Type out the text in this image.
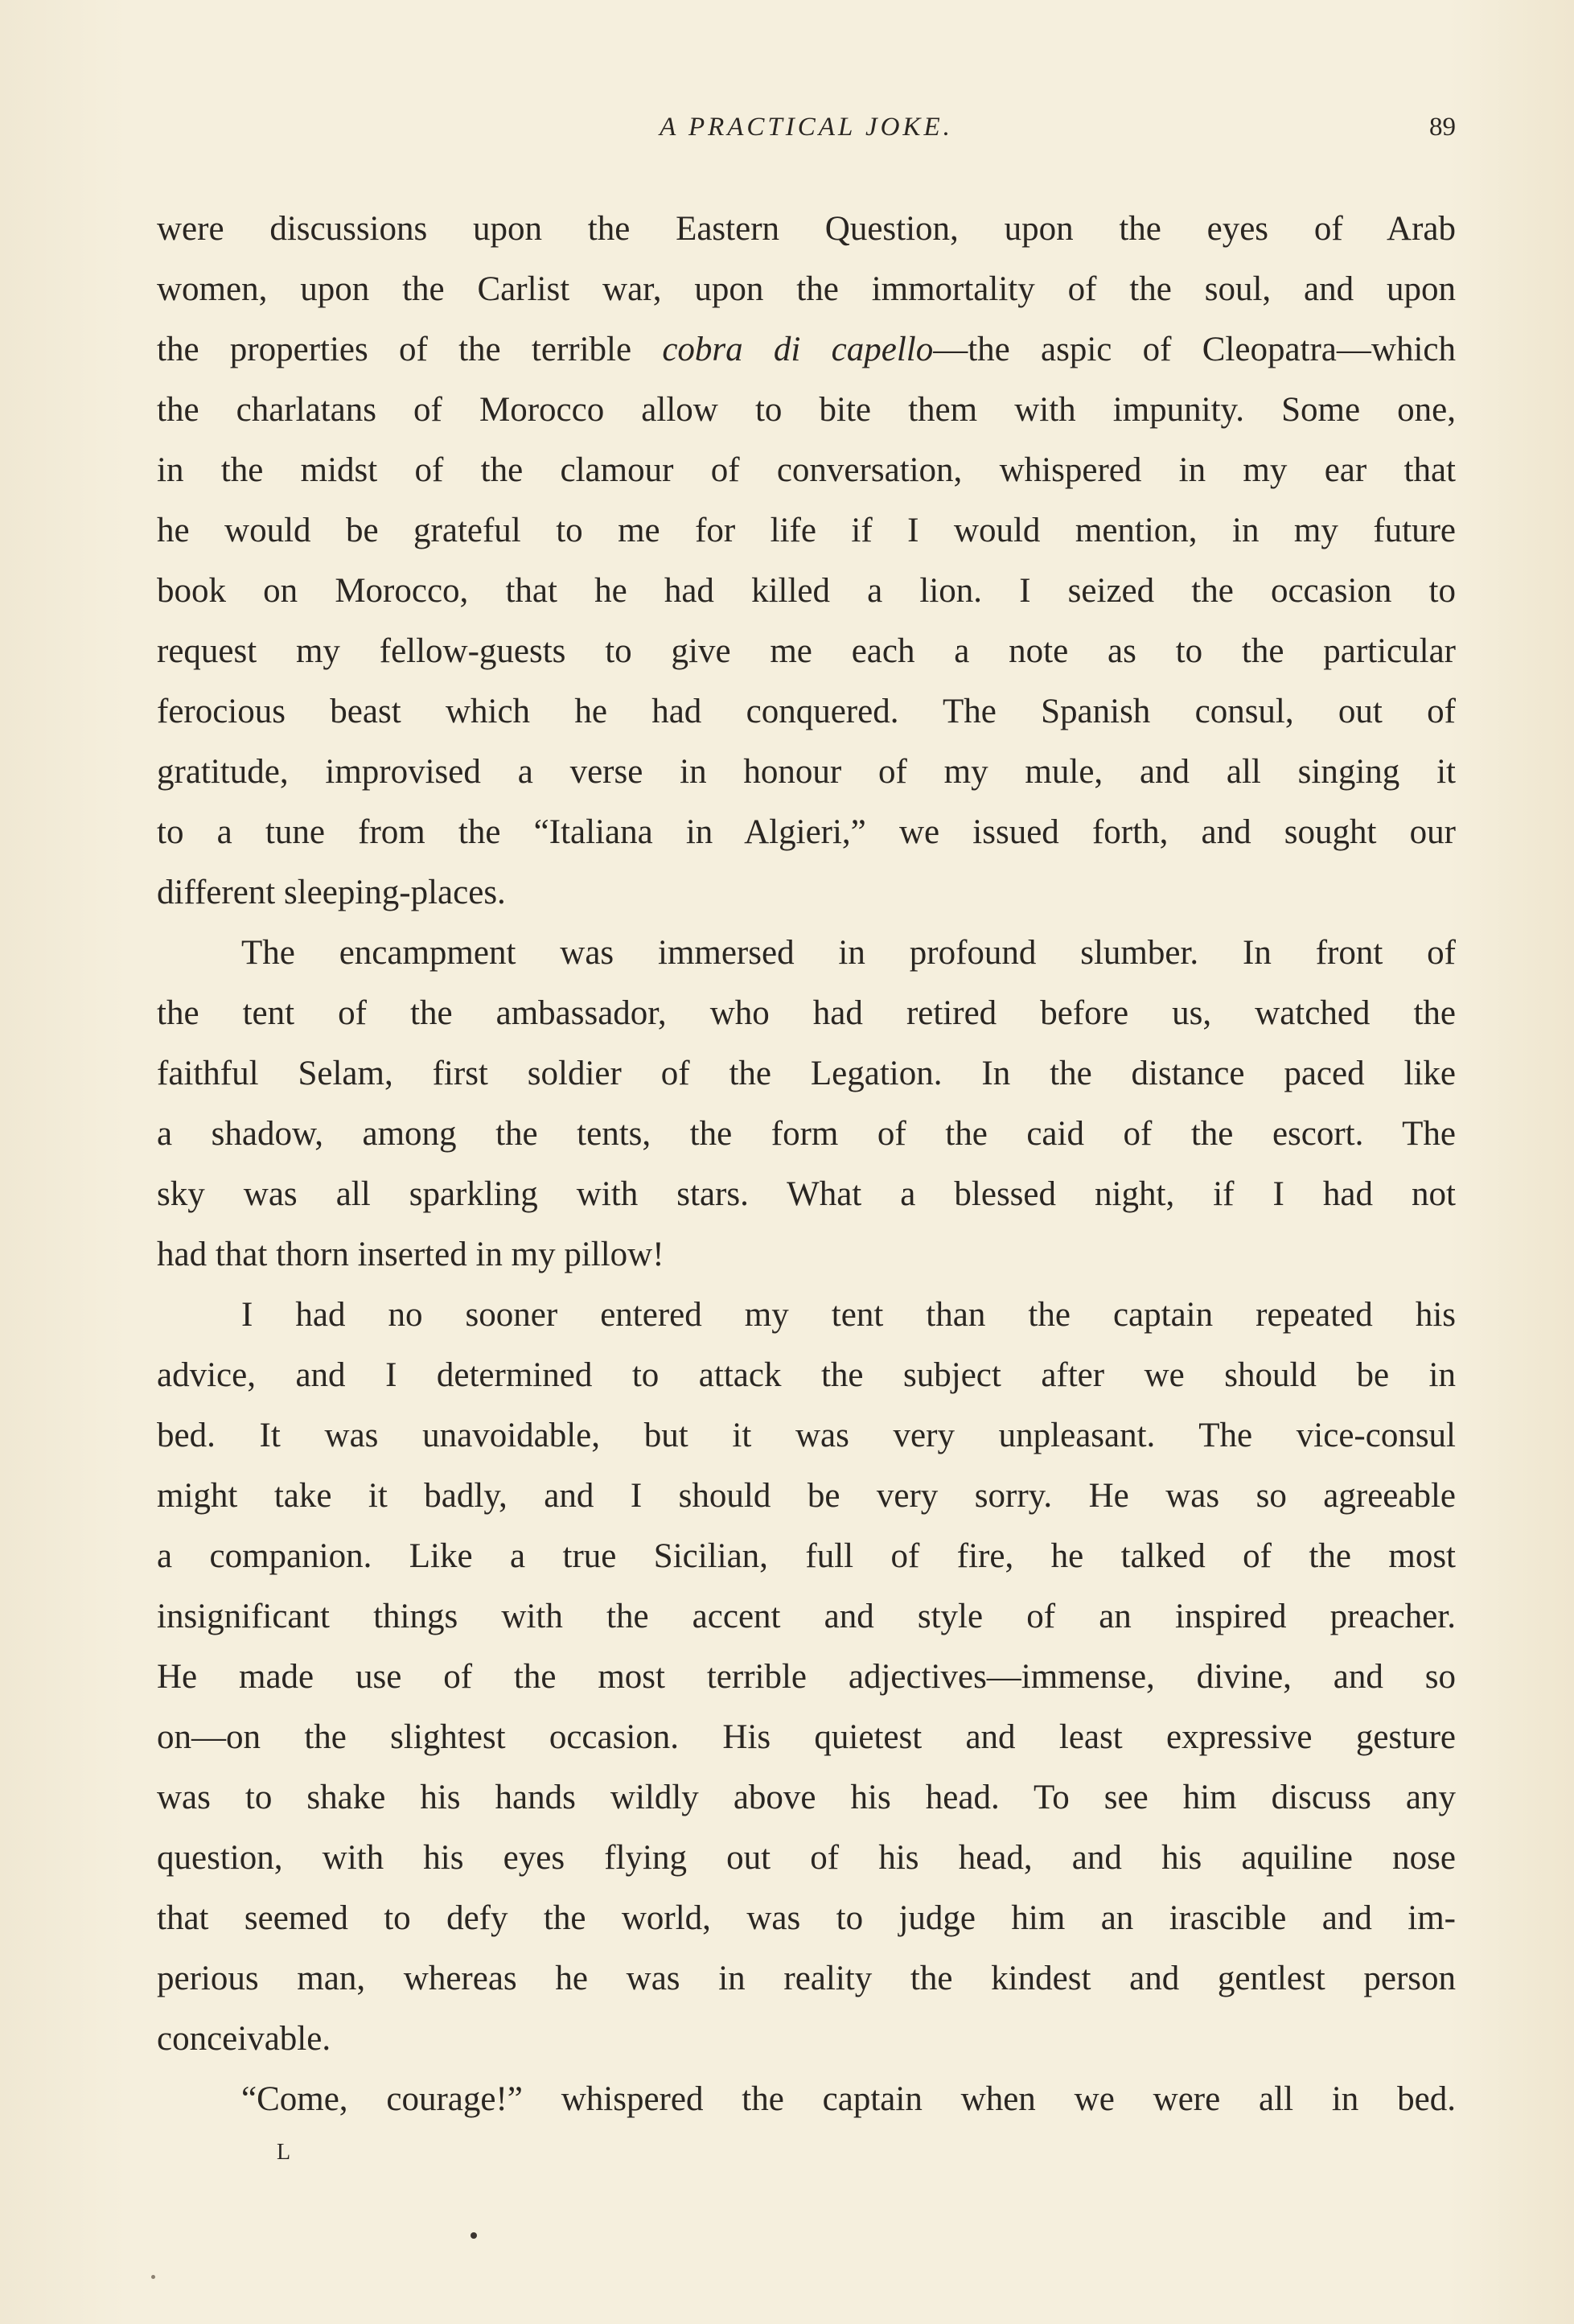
A PRACTICAL JOKE.	89
were discussions upon the Eastern Question, upon the eyes of Arab
women, upon the Carlist war, upon the immortality of the soul, and upon
the properties of the terrible cobra di capello—the aspic of Cleopatra—which
the charlatans of Morocco allow to bite them with impunity. Some one,
in the midst of the clamour of conversation, whispered in my ear that
he would be grateful to me for life if I would mention, in my future
book on Morocco, that he had killed a lion. I seized the occasion to
request my fellow-guests to give me each a note as to the particular
ferocious beast which he had conquered. The Spanish consul, out of
gratitude, improvised a verse in honour of my mule, and all singing it
to a tune from the “Italiana in Algieri,” we issued forth, and sought our
different sleeping-places.
The encampment was immersed in profound slumber. In front of
the tent of the ambassador, who had retired before us, watched the
faithful Selam, first soldier of the Legation. In the distance paced like
a shadow, among the tents, the form of the caid of the escort. The
sky was all sparkling with stars. What a blessed night, if I had not
had that thorn inserted in my pillow!
I had no sooner entered my tent than the captain repeated his
advice, and I determined to attack the subject after we should be in
bed. It was unavoidable, but it was very unpleasant. The vice-consul
might take it badly, and I should be very sorry. He was so agreeable
a companion. Like a true Sicilian, full of fire, he talked of the most
insignificant things with the accent and style of an inspired preacher.
He made use of the most terrible adjectives—immense, divine, and so
on—on the slightest occasion. His quietest and least expressive gesture
was to shake his hands wildly above his head. To see him discuss any
question, with his eyes flying out of his head, and his aquiline nose
that seemed to defy the world, was to judge him an irascible and im-
perious man, whereas he was in reality the kindest and gentlest person
conceivable.
“Come, courage!” whispered the captain when we were all in bed.
L
